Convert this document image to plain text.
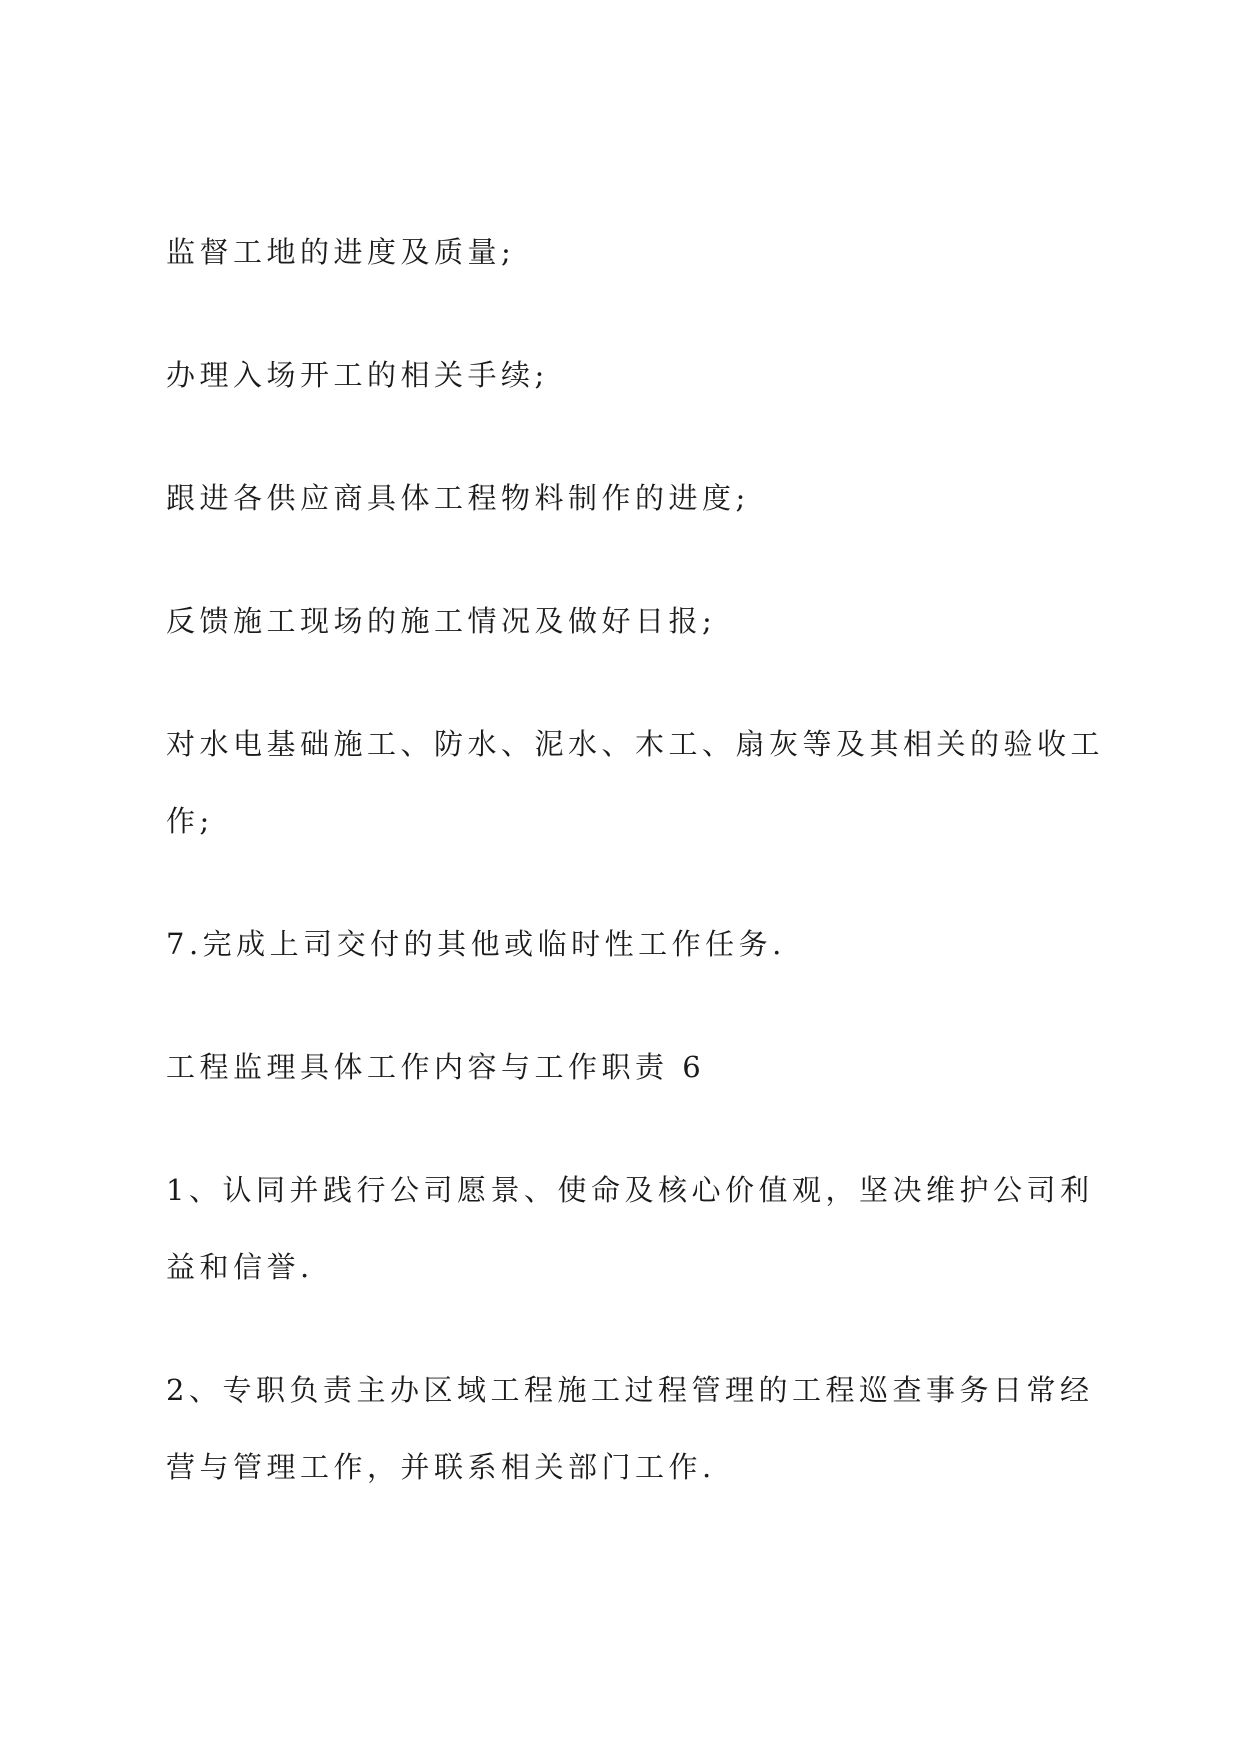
监督工地的进度及质量;

办理入场开工的相关手续;

跟进各供应商具体工程物料制作的进度;

反馈施工现场的施工情况及做好日报;

对水电基础施工、防水、泥水、木工、扇灰等及其相关的验收工

作;

7.完成上司交付的其他或临时性工作任务.

工程监理具体工作内容与工作职责 6

1、认同并践行公司愿景、使命及核心价值观，坚决维护公司利

益和信誉.

2、专职负责主办区域工程施工过程管理的工程巡查事务日常经

营与管理工作，并联系相关部门工作.
